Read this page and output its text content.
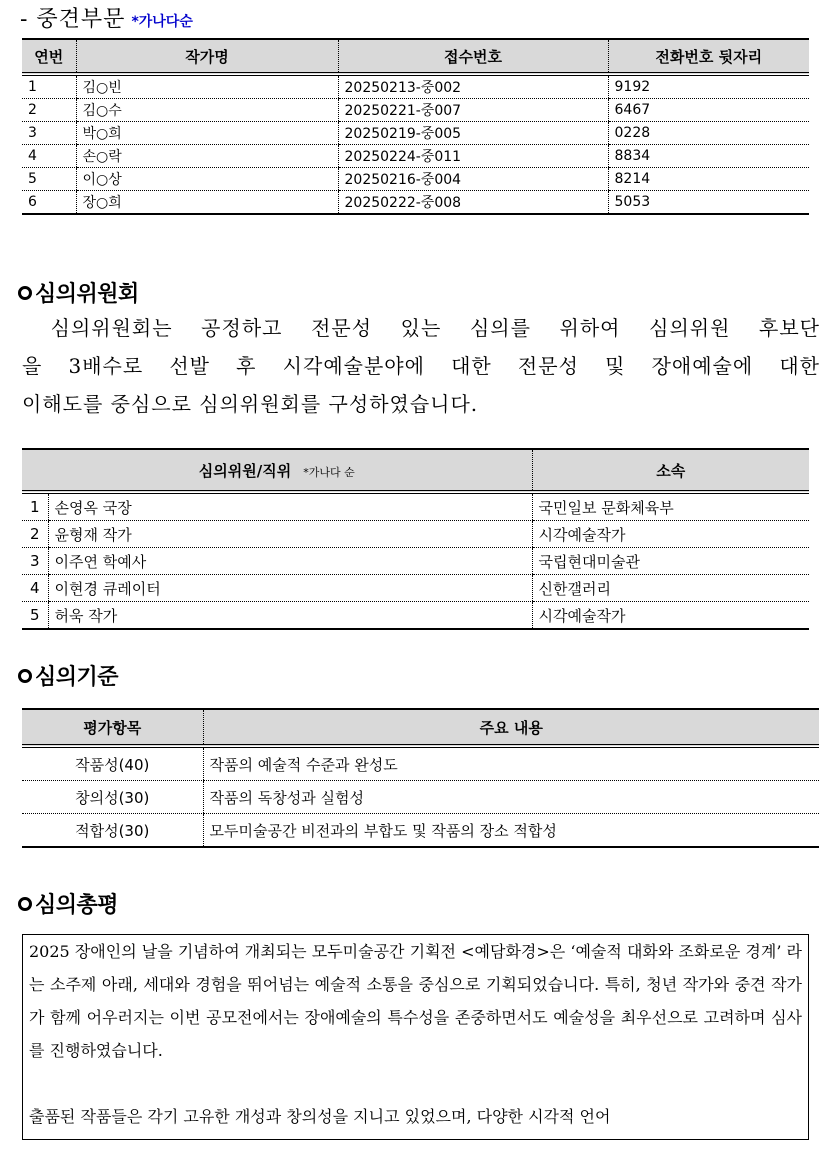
- 중견부문 *가나다순
연번	작가명	접수번호	전화번호 뒷자리
1	김○빈	20250213-중002	9192
2	김○수	20250221-중007	6467
3	박○희	20250219-중005	0228
4	손○락	20250224-중011	8834
5	이○상	20250216-중004	8214
6	장○희	20250222-중008	5053
심의위원회
심의위원회는 공정하고 전문성 있는 심의를 위하여 심의위원 후보단
을 3배수로 선발 후 시각예술분야에 대한 전문성 및 장애예술에 대한
이해도를 중심으로 심의위원회를 구성하였습니다.
심의위원/직위 *가나다 순		소속
1	손영옥 국장	국민일보 문화체육부
2	윤형재 작가	시각예술작가
3	이주연 학예사	국립현대미술관
4	이현경 큐레이터	신한갤러리
5	허욱 작가	시각예술작가
심의기준
평가항목	주요 내용
작품성(40)	작품의 예술적 수준과 완성도
창의성(30)	작품의 독창성과 실험성
적합성(30)	모두미술공간 비전과의 부합도 및 작품의 장소 적합성
심의총평

2025 장애인의 날을 기념하여 개최되는 모두미술공간 기획전 <예담화경>은 ‘예술적 대화와 조화로운 경계’ 라는 소주제 아래, 세대와 경험을 뛰어넘는 예술적 소통을 중심으로 기획되었습니다. 특히, 청년 작가와 중견 작가가 함께 어우러지는 이번 공모전에서는 장애예술의 특수성을 존중하면서도 예술성을 최우선으로 고려하며 심사를 진행하였습니다.

출품된 작품들은 각기 고유한 개성과 창의성을 지니고 있었으며, 다양한 시각적 언어
